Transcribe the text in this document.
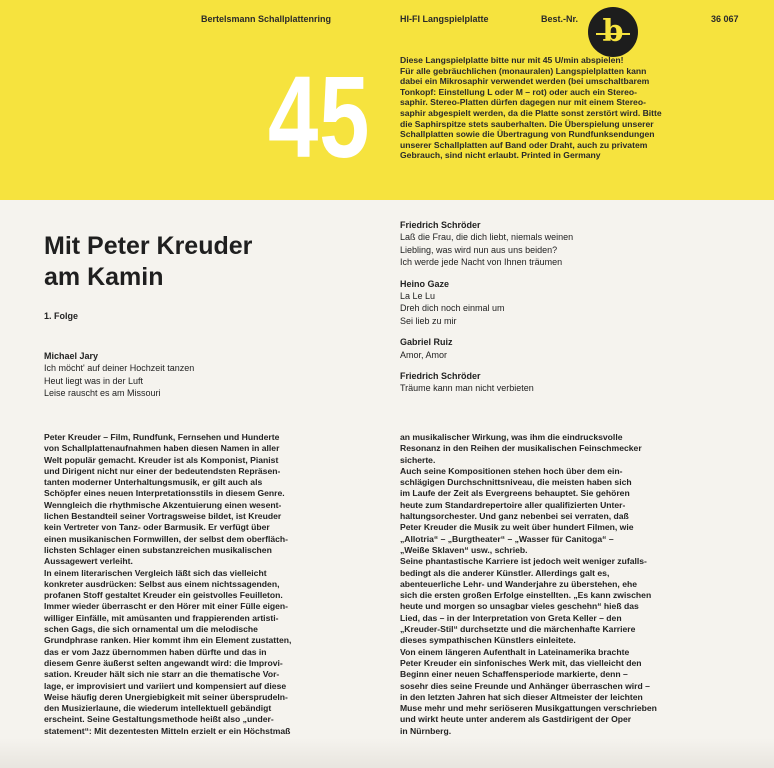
Bertelsmann Schallplattenring	HI-FI Langspielplatte	Best.-Nr.	36 067
b
45	Diese Langspielplatte bitte nur mit 45 U/min abspielen!

Für alle gebräuchlichen (monauralen) Langspielplatten kann

dabei ein Mikrosaphir verwendet werden (bei umschaltbarem

Tonkopf: Einstellung L oder M – rot) oder auch ein Stereo-

saphir. Stereo-Platten dürfen dagegen nur mit einem Stereo-

saphir abgespielt werden, da die Platte sonst zerstört wird. Bitte

die Saphirspitze stets sauberhalten. Die Überspielung unserer

Schallplatten sowie die Übertragung von Rundfunksendungen

unserer Schallplatten auf Band oder Draht, auch zu privatem

Gebrauch, sind nicht erlaubt. Printed in Germany

Mit Peter Kreuder
am Kamin
1. Folge
Michael Jary
Ich möcht' auf deiner Hochzeit tanzen
Heut liegt was in der Luft
Leise rauscht es am Missouri
Friedrich Schröder
Laß die Frau, die dich liebt, niemals weinen
Liebling, was wird nun aus uns beiden?
Ich werde jede Nacht von Ihnen träumen
Heino Gaze
La Le Lu
Dreh dich noch einmal um
Sei lieb zu mir
Gabriel Ruiz
Amor, Amor
Friedrich Schröder
Träume kann man nicht verbieten

Peter Kreuder – Film, Rundfunk, Fernsehen und Hunderte

von Schallplattenaufnahmen haben diesen Namen in aller

Welt populär gemacht. Kreuder ist als Komponist, Pianist

und Dirigent nicht nur einer der bedeutendsten Repräsen-

tanten moderner Unterhaltungsmusik, er gilt auch als

Schöpfer eines neuen Interpretationsstils in diesem Genre.

Wenngleich die rhythmische Akzentuierung einen wesent-

lichen Bestandteil seiner Vortragsweise bildet, ist Kreuder

kein Vertreter von Tanz- oder Barmusik. Er verfügt über

einen musikanischen Formwillen, der selbst dem oberfläch-

lichsten Schlager einen substanzreichen musikalischen

Aussagewert verleiht.

In einem literarischen Vergleich läßt sich das vielleicht

konkreter ausdrücken: Selbst aus einem nichtssagenden,

profanen Stoff gestaltet Kreuder ein geistvolles Feuilleton.

Immer wieder überrascht er den Hörer mit einer Fülle eigen-

williger Einfälle, mit amüsanten und frappierenden artisti-

schen Gags, die sich ornamental um die melodische

Grundphrase ranken. Hier kommt ihm ein Element zustatten,

das er vom Jazz übernommen haben dürfte und das in

diesem Genre äußerst selten angewandt wird: die Improvi-

sation. Kreuder hält sich nie starr an die thematische Vor-

lage, er improvisiert und variiert und kompensiert auf diese

Weise häufig deren Unergiebigkeit mit seiner übersprudeln-

den Musizierlaune, die wiederum intellektuell gebändigt

erscheint. Seine Gestaltungsmethode heißt also „under-

statement“: Mit dezentesten Mitteln erzielt er ein Höchstmaß

an musikalischer Wirkung, was ihm die eindrucksvolle

Resonanz in den Reihen der musikalischen Feinschmecker

sicherte.

Auch seine Kompositionen stehen hoch über dem ein-

schlägigen Durchschnittsniveau, die meisten haben sich

im Laufe der Zeit als Evergreens behauptet. Sie gehören

heute zum Standardrepertoire aller qualifizierten Unter-

haltungsorchester. Und ganz nebenbei sei verraten, daß

Peter Kreuder die Musik zu weit über hundert Filmen, wie

„Allotria“ – „Burgtheater“ – „Wasser für Canitoga“ –

„Weiße Sklaven“ usw., schrieb.

Seine phantastische Karriere ist jedoch weit weniger zufalls-

bedingt als die anderer Künstler. Allerdings galt es,

abenteuerliche Lehr- und Wanderjahre zu überstehen, ehe

sich die ersten großen Erfolge einstellten. „Es kann zwischen

heute und morgen so unsagbar vieles geschehn“ hieß das

Lied, das – in der Interpretation von Greta Keller – den

„Kreuder-Stil“ durchsetzte und die märchenhafte Karriere

dieses sympathischen Künstlers einleitete.

Von einem längeren Aufenthalt in Lateinamerika brachte

Peter Kreuder ein sinfonisches Werk mit, das vielleicht den

Beginn einer neuen Schaffensperiode markierte, denn –

sosehr dies seine Freunde und Anhänger überraschen wird –

in den letzten Jahren hat sich dieser Altmeister der leichten

Muse mehr und mehr seriöseren Musikgattungen verschrieben

und wirkt heute unter anderem als Gastdirigent der Oper

in Nürnberg.
